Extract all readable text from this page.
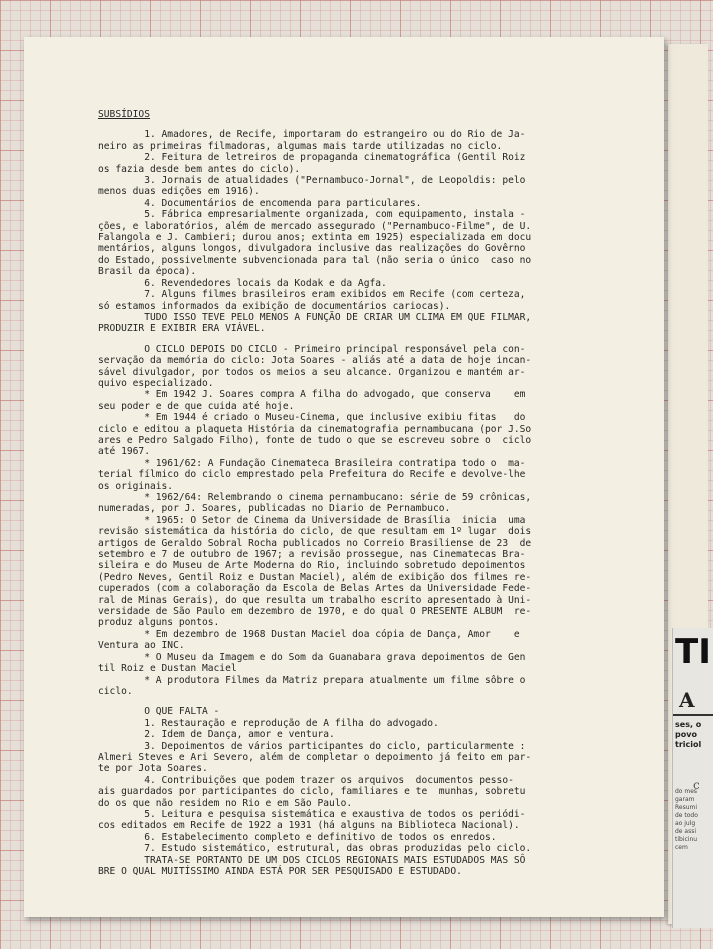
SUBSÍDIOS
1. Amadores, de Recife, importaram do estrangeiro ou do Rio de Ja-
neiro as primeiras filmadoras, algumas mais tarde utilizadas no ciclo.
2. Feitura de letreiros de propaganda cinematográfica (Gentil Roiz
os fazia desde bem antes do ciclo).
3. Jornais de atualidades ("Pernambuco-Jornal", de Leopoldis: pelo
menos duas edições em 1916).
4. Documentários de encomenda para particulares.
5. Fábrica empresarialmente organizada, com equipamento, instala -
ções, e laboratórios, além de mercado assegurado ("Pernambuco-Filme", de U.
Falangola e J. Cambieri; durou anos; extinta em 1925) especializada em docu
mentários, alguns longos, divulgadora inclusive das realizações do Govêrno
do Estado, possivelmente subvencionada para tal (não seria o único  caso no
Brasil da época).
6. Revendedores locais da Kodak e da Agfa.
7. Alguns filmes brasileiros eram exibidos em Recife (com certeza,
só estamos informados da exibição de documentários cariocas).
TUDO ISSO TEVE PELO MENOS A FUNÇÃO DE CRIAR UM CLIMA EM QUE FILMAR,
PRODUZIR E EXIBIR ERA VIÁVEL.
O CICLO DEPOIS DO CICLO - Primeiro principal responsável pela con-
servação da memória do ciclo: Jota Soares - aliás até a data de hoje incan-
sável divulgador, por todos os meios a seu alcance. Organizou e mantém ar-
quivo especializado.
* Em 1942 J. Soares compra A filha do advogado, que conserva    em
seu poder e de que cuida até hoje.
* Em 1944 é criado o Museu-Cinema, que inclusive exibiu fitas   do
ciclo e editou a plaqueta História da cinematografia pernambucana (por J.So
ares e Pedro Salgado Filho), fonte de tudo o que se escreveu sobre o  ciclo
até 1967.
* 1961/62: A Fundação Cinemateca Brasileira contratipa todo o  ma-
terial fílmico do ciclo emprestado pela Prefeitura do Recife e devolve-lhe
os originais.
* 1962/64: Relembrando o cinema pernambucano: série de 59 crônicas,
numeradas, por J. Soares, publicadas no Diario de Pernambuco.
* 1965: O Setor de Cinema da Universidade de Brasília  inicia  uma
revisão sistemática da história do ciclo, de que resultam em 1º lugar  dois
artigos de Geraldo Sobral Rocha publicados no Correio Brasiliense de 23  de
setembro e 7 de outubro de 1967; a revisão prossegue, nas Cinematecas Bra-
sileira e do Museu de Arte Moderna do Rio, incluindo sobretudo depoimentos
(Pedro Neves, Gentil Roiz e Dustan Maciel), além de exibição dos filmes re-
cuperados (com a colaboração da Escola de Belas Artes da Universidade Fede-
ral de Minas Gerais), do que resulta um trabalho escrito apresentado à Uni-
versidade de São Paulo em dezembro de 1970, e do qual O PRESENTE ALBUM  re-
produz alguns pontos.
* Em dezembro de 1968 Dustan Maciel doa cópia de Dança, Amor    e
Ventura ao INC.
* O Museu da Imagem e do Som da Guanabara grava depoimentos de Gen
til Roiz e Dustan Maciel
* A produtora Filmes da Matriz prepara atualmente um filme sôbre o
ciclo.
O QUE FALTA -
1. Restauração e reprodução de A filha do advogado.
2. Idem de Dança, amor e ventura.
3. Depoimentos de vários participantes do ciclo, particularmente :
Almeri Steves e Ari Severo, além de completar o depoimento já feito em par-
te por Jota Soares.
4. Contribuições que podem trazer os arquivos  documentos pesso-
ais guardados por participantes do ciclo, familiares e te  munhas, sobretu
do os que não residem no Rio e em São Paulo.
5. Leitura e pesquisa sistemática e exaustiva de todos os periódi-
cos editados em Recife de 1922 a 1931 (há alguns na Biblioteca Nacional).
6. Estabelecimento completo e definitivo de todos os enredos.
7. Estudo sistemático, estrutural, das obras produzidas pelo ciclo.
TRATA-SE PORTANTO DE UM DOS CICLOS REGIONAIS MAIS ESTUDADOS MAS SÔ
BRE O QUAL MUITÍSSIMO AINDA ESTÁ POR SER PESQUISADO E ESTUDADO.
TI
A
ses, o
povo
triciol
c
do mes
garam
Resumi
de todo
ao julg
de assi
tibicinu
cem
